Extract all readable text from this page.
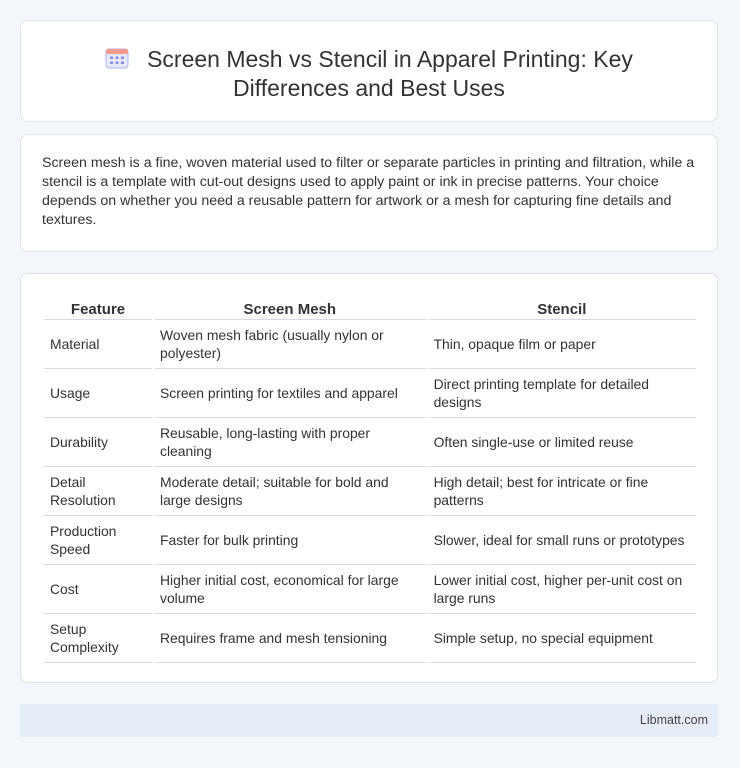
Screen Mesh vs Stencil in Apparel Printing: Key
Differences and Best Uses

Screen mesh is a fine, woven material used to filter or separate particles in printing and filtration, while a stencil is a template with cut-out designs used to apply paint or ink in precise patterns. Your choice depends on whether you need a reusable pattern for artwork or a mesh for capturing fine details and textures.

Feature	Screen Mesh	Stencil
Material	Woven mesh fabric (usually nylon or polyester)	Thin, opaque film or paper
Usage	Screen printing for textiles and apparel	Direct printing template for detailed designs
Durability	Reusable, long-lasting with proper cleaning	Often single-use or limited reuse
Detail Resolution	Moderate detail; suitable for bold and large designs	High detail; best for intricate or fine patterns
Production Speed	Faster for bulk printing	Slower, ideal for small runs or prototypes
Cost	Higher initial cost, economical for large volume	Lower initial cost, higher per-unit cost on large runs
Setup Complexity	Requires frame and mesh tensioning	Simple setup, no special equipment
Libmatt.com
